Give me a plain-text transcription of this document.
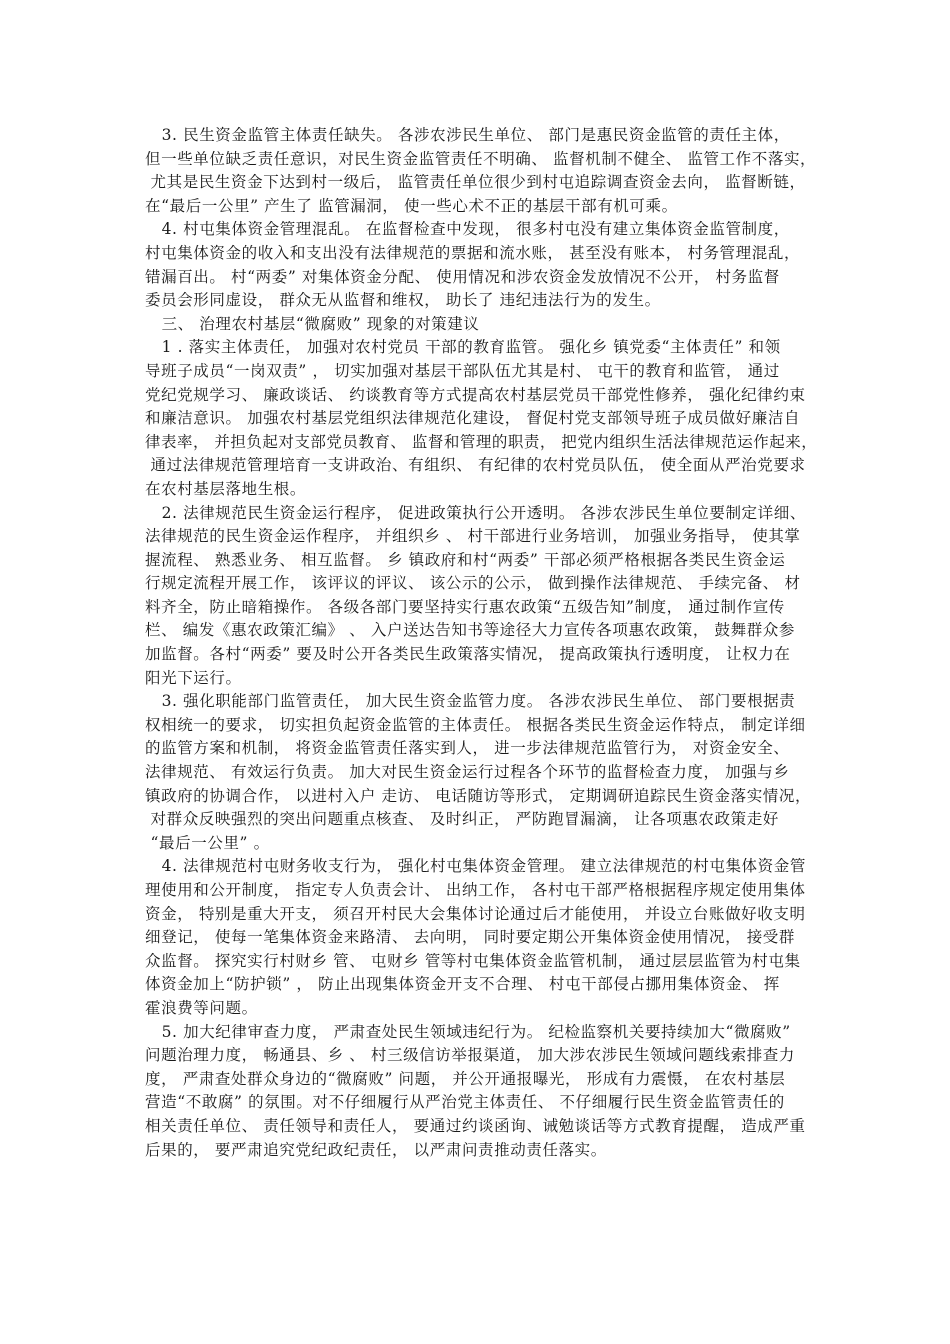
3. 民生资金监管主体责任缺失。 各涉农涉民生单位、 部门是惠民资金监管的责任主体，
但一些单位缺乏责任意识，对民生资金监管责任不明确、 监督机制不健全、 监管工作不落实，
尤其是民生资金下达到村一级后， 监管责任单位很少到村屯追踪调查资金去向， 监督断链，
在“最后一公里” 产生了 监管漏洞， 使一些心术不正的基层干部有机可乘。
4. 村屯集体资金管理混乱。 在监督检查中发现， 很多村屯没有建立集体资金监管制度，
村屯集体资金的收入和支出没有法律规范的票据和流水账， 甚至没有账本， 村务管理混乱，
错漏百出。 村“两委” 对集体资金分配、 使用情况和涉农资金发放情况不公开， 村务监督
委员会形同虚设， 群众无从监督和维权， 助长了 违纪违法行为的发生。
三、 治理农村基层“微腐败” 现象的对策建议
1 . 落实主体责任， 加强对农村党员 干部的教育监管。 强化乡 镇党委“主体责任” 和领
导班子成员“一岗双责” ， 切实加强对基层干部队伍尤其是村、 屯干的教育和监管， 通过
党纪党规学习、 廉政谈话、 约谈教育等方式提高农村基层党员干部党性修养， 强化纪律约束
和廉洁意识。 加强农村基层党组织法律规范化建设， 督促村党支部领导班子成员做好廉洁自
律表率， 并担负起对支部党员教育、 监督和管理的职责， 把党内组织生活法律规范运作起来，
通过法律规范管理培育一支讲政治、有组织、 有纪律的农村党员队伍， 使全面从严治党要求
在农村基层落地生根。
2. 法律规范民生资金运行程序， 促进政策执行公开透明。 各涉农涉民生单位要制定详细、
法律规范的民生资金运作程序， 并组织乡 、 村干部进行业务培训， 加强业务指导， 使其掌
握流程、 熟悉业务、 相互监督。 乡 镇政府和村“两委” 干部必须严格根据各类民生资金运
行规定流程开展工作， 该评议的评议、 该公示的公示， 做到操作法律规范、 手续完备、 材
料齐全，防止暗箱操作。 各级各部门要坚持实行惠农政策“五级告知”制度， 通过制作宣传
栏、 编发《惠农政策汇编》 、 入户送达告知书等途径大力宣传各项惠农政策， 鼓舞群众参
加监督。各村“两委” 要及时公开各类民生政策落实情况， 提高政策执行透明度， 让权力在
阳光下运行。
3. 强化职能部门监管责任， 加大民生资金监管力度。 各涉农涉民生单位、 部门要根据责
权相统一的要求， 切实担负起资金监管的主体责任。 根据各类民生资金运作特点， 制定详细
的监管方案和机制， 将资金监管责任落实到人， 进一步法律规范监管行为， 对资金安全、
法律规范、 有效运行负责。 加大对民生资金运行过程各个环节的监督检查力度， 加强与乡
镇政府的协调合作， 以进村入户 走访、 电话随访等形式， 定期调研追踪民生资金落实情况，
对群众反映强烈的突出问题重点核查、 及时纠正， 严防跑冒漏滴， 让各项惠农政策走好
“最后一公里” 。
4. 法律规范村屯财务收支行为， 强化村屯集体资金管理。 建立法律规范的村屯集体资金管
理使用和公开制度， 指定专人负责会计、 出纳工作， 各村屯干部严格根据程序规定使用集体
资金， 特别是重大开支， 须召开村民大会集体讨论通过后才能使用， 并设立台账做好收支明
细登记， 使每一笔集体资金来路清、 去向明， 同时要定期公开集体资金使用情况， 接受群
众监督。 探究实行村财乡 管、 屯财乡 管等村屯集体资金监管机制， 通过层层监管为村屯集
体资金加上“防护锁” ， 防止出现集体资金开支不合理、 村屯干部侵占挪用集体资金、 挥
霍浪费等问题。
5. 加大纪律审查力度， 严肃查处民生领域违纪行为。 纪检监察机关要持续加大“微腐败”
问题治理力度， 畅通县、乡 、 村三级信访举报渠道， 加大涉农涉民生领域问题线索排查力
度， 严肃查处群众身边的“微腐败” 问题， 并公开通报曝光， 形成有力震慑， 在农村基层
营造“不敢腐” 的氛围。对不仔细履行从严治党主体责任、 不仔细履行民生资金监管责任的
相关责任单位、 责任领导和责任人， 要通过约谈函询、诫勉谈话等方式教育提醒， 造成严重
后果的， 要严肃追究党纪政纪责任， 以严肃问责推动责任落实。
